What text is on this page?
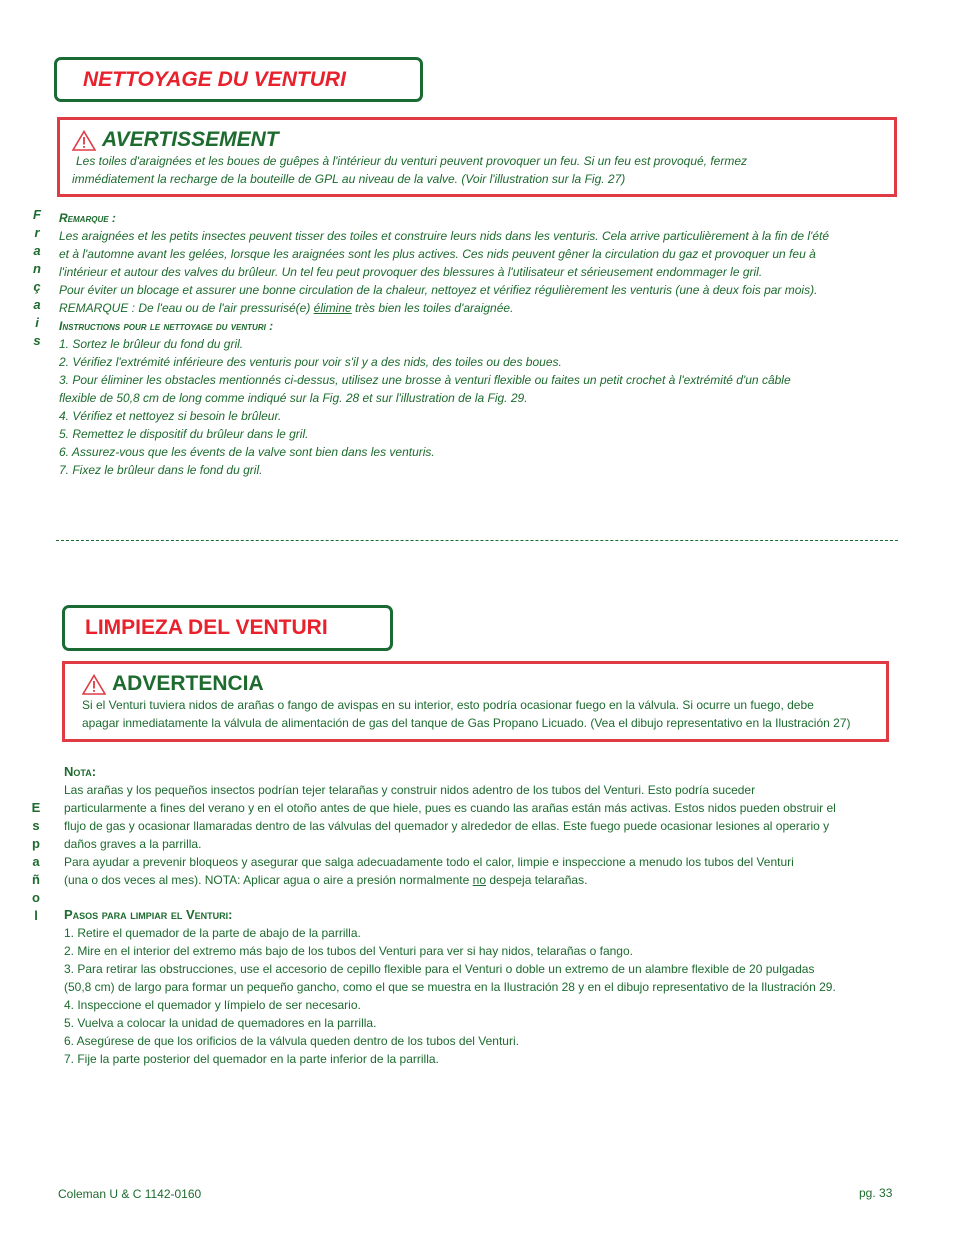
NETTOYAGE DU VENTURI
AVERTISSEMENT
Les toiles d'araignées et les boues de guêpes à l'intérieur du venturi peuvent provoquer un feu. Si un feu est provoqué, fermez
immédiatement la recharge de la bouteille de GPL au niveau de la valve. (Voir l'illustration sur la Fig. 27)
F
r
a
n
ç
a
i
s
Remarque :
Les araignées et les petits insectes peuvent tisser des toiles et construire leurs nids dans les venturis. Cela arrive particulièrement à la fin de l'été
et à l'automne avant les gelées, lorsque les araignées sont les plus actives. Ces nids peuvent gêner la circulation du gaz et provoquer un feu à
l'intérieur et autour des valves du brûleur. Un tel feu peut provoquer des blessures à l'utilisateur et sérieusement endommager le gril.
Pour éviter un blocage et assurer une bonne circulation de la chaleur, nettoyez et vérifiez régulièrement les venturis (une à deux fois par mois).
REMARQUE : De l'eau ou de l'air pressurisé(e) élimine très bien les toiles d'araignée.
Instructions pour le nettoyage du venturi :
1. Sortez le brûleur du fond du gril.
2. Vérifiez l'extrémité inférieure des venturis pour voir s'il y a des nids, des toiles ou des boues.
3. Pour éliminer les obstacles mentionnés ci-dessus, utilisez une brosse à venturi flexible ou faites un petit crochet à l'extrémité d'un câble
flexible de 50,8 cm de long comme indiqué sur la Fig. 28 et sur l'illustration de la Fig. 29.
4. Vérifiez et nettoyez si besoin le brûleur.
5. Remettez le dispositif du brûleur dans le gril.
6. Assurez-vous que les évents de la valve sont bien dans les venturis.
7. Fixez le brûleur dans le fond du gril.
LIMPIEZA DEL VENTURI
ADVERTENCIA
Si el Venturi tuviera nidos de arañas o fango de avispas en su interior, esto podría ocasionar fuego en la válvula. Si ocurre un fuego, debe
apagar inmediatamente la válvula de alimentación de gas del tanque de Gas Propano Licuado. (Vea el dibujo representativo en la Ilustración 27)
E
s
p
a
ñ
o
l
Nota:
Las arañas y los pequeños insectos podrían tejer telarañas y construir nidos adentro de los tubos del Venturi. Esto podría suceder
particularmente a fines del verano y en el otoño antes de que hiele, pues es cuando las arañas están más activas. Estos nidos pueden obstruir el
flujo de gas y ocasionar llamaradas dentro de las válvulas del quemador y alrededor de ellas. Este fuego puede ocasionar lesiones al operario y
daños graves a la parrilla.
Para ayudar a prevenir bloqueos y asegurar que salga adecuadamente todo el calor, limpie e inspeccione a menudo los tubos del Venturi
(una o dos veces al mes). NOTA: Aplicar agua o aire a presión normalmente no despeja telarañas.
Pasos para limpiar el Venturi:
1. Retire el quemador de la parte de abajo de la parrilla.
2. Mire en el interior del extremo más bajo de los tubos del Venturi para ver si hay nidos, telarañas o fango.
3. Para retirar las obstrucciones, use el accesorio de cepillo flexible para el Venturi o doble un extremo de un alambre flexible de 20 pulgadas
(50,8 cm) de largo para formar un pequeño gancho, como el que se muestra en la Ilustración 28 y en el dibujo representativo de la Ilustración 29.
4. Inspeccione el quemador y límpielo de ser necesario.
5. Vuelva a colocar la unidad de quemadores en la parrilla.
6. Asegúrese de que los orificios de la válvula queden dentro de los tubos del Venturi.
7. Fije la parte posterior del quemador en la parte inferior de la parrilla.
Coleman U & C 1142-0160	pg. 33
